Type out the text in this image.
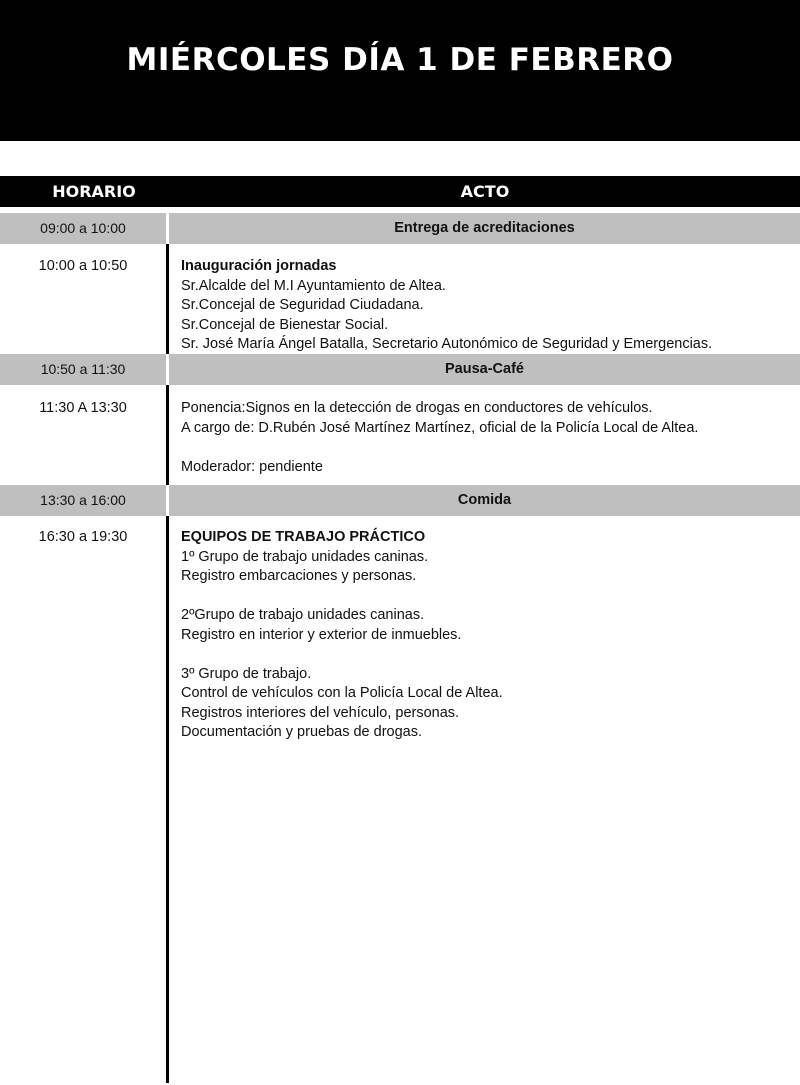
MIÉRCOLES DÍA 1 DE FEBRERO
HORARIO	ACTO
09:00 a 10:00	Entrega de acreditaciones
10:00 a 10:50	Inauguración jornadas
Sr.Alcalde del M.I Ayuntamiento de Altea.
Sr.Concejal de Seguridad Ciudadana.
Sr.Concejal de Bienestar Social.
Sr. José María Ángel Batalla, Secretario Autonómico de Seguridad y Emergencias.
10:50 a 11:30	Pausa-Café
11:30 A 13:30	Ponencia:Signos en la detección de drogas en conductores de vehículos.
A cargo de: D.Rubén José Martínez Martínez, oficial de la Policía Local de Altea.
Moderador: pendiente
13:30 a 16:00	Comida
16:30 a 19:30	EQUIPOS DE TRABAJO PRÁCTICO
1º Grupo de trabajo unidades caninas.
Registro embarcaciones y personas.
2ºGrupo de trabajo unidades caninas.
Registro en interior y exterior de inmuebles.
3º Grupo de trabajo.
Control de vehículos con la Policía Local de Altea.
Registros interiores del vehículo, personas.
Documentación y pruebas de drogas.
